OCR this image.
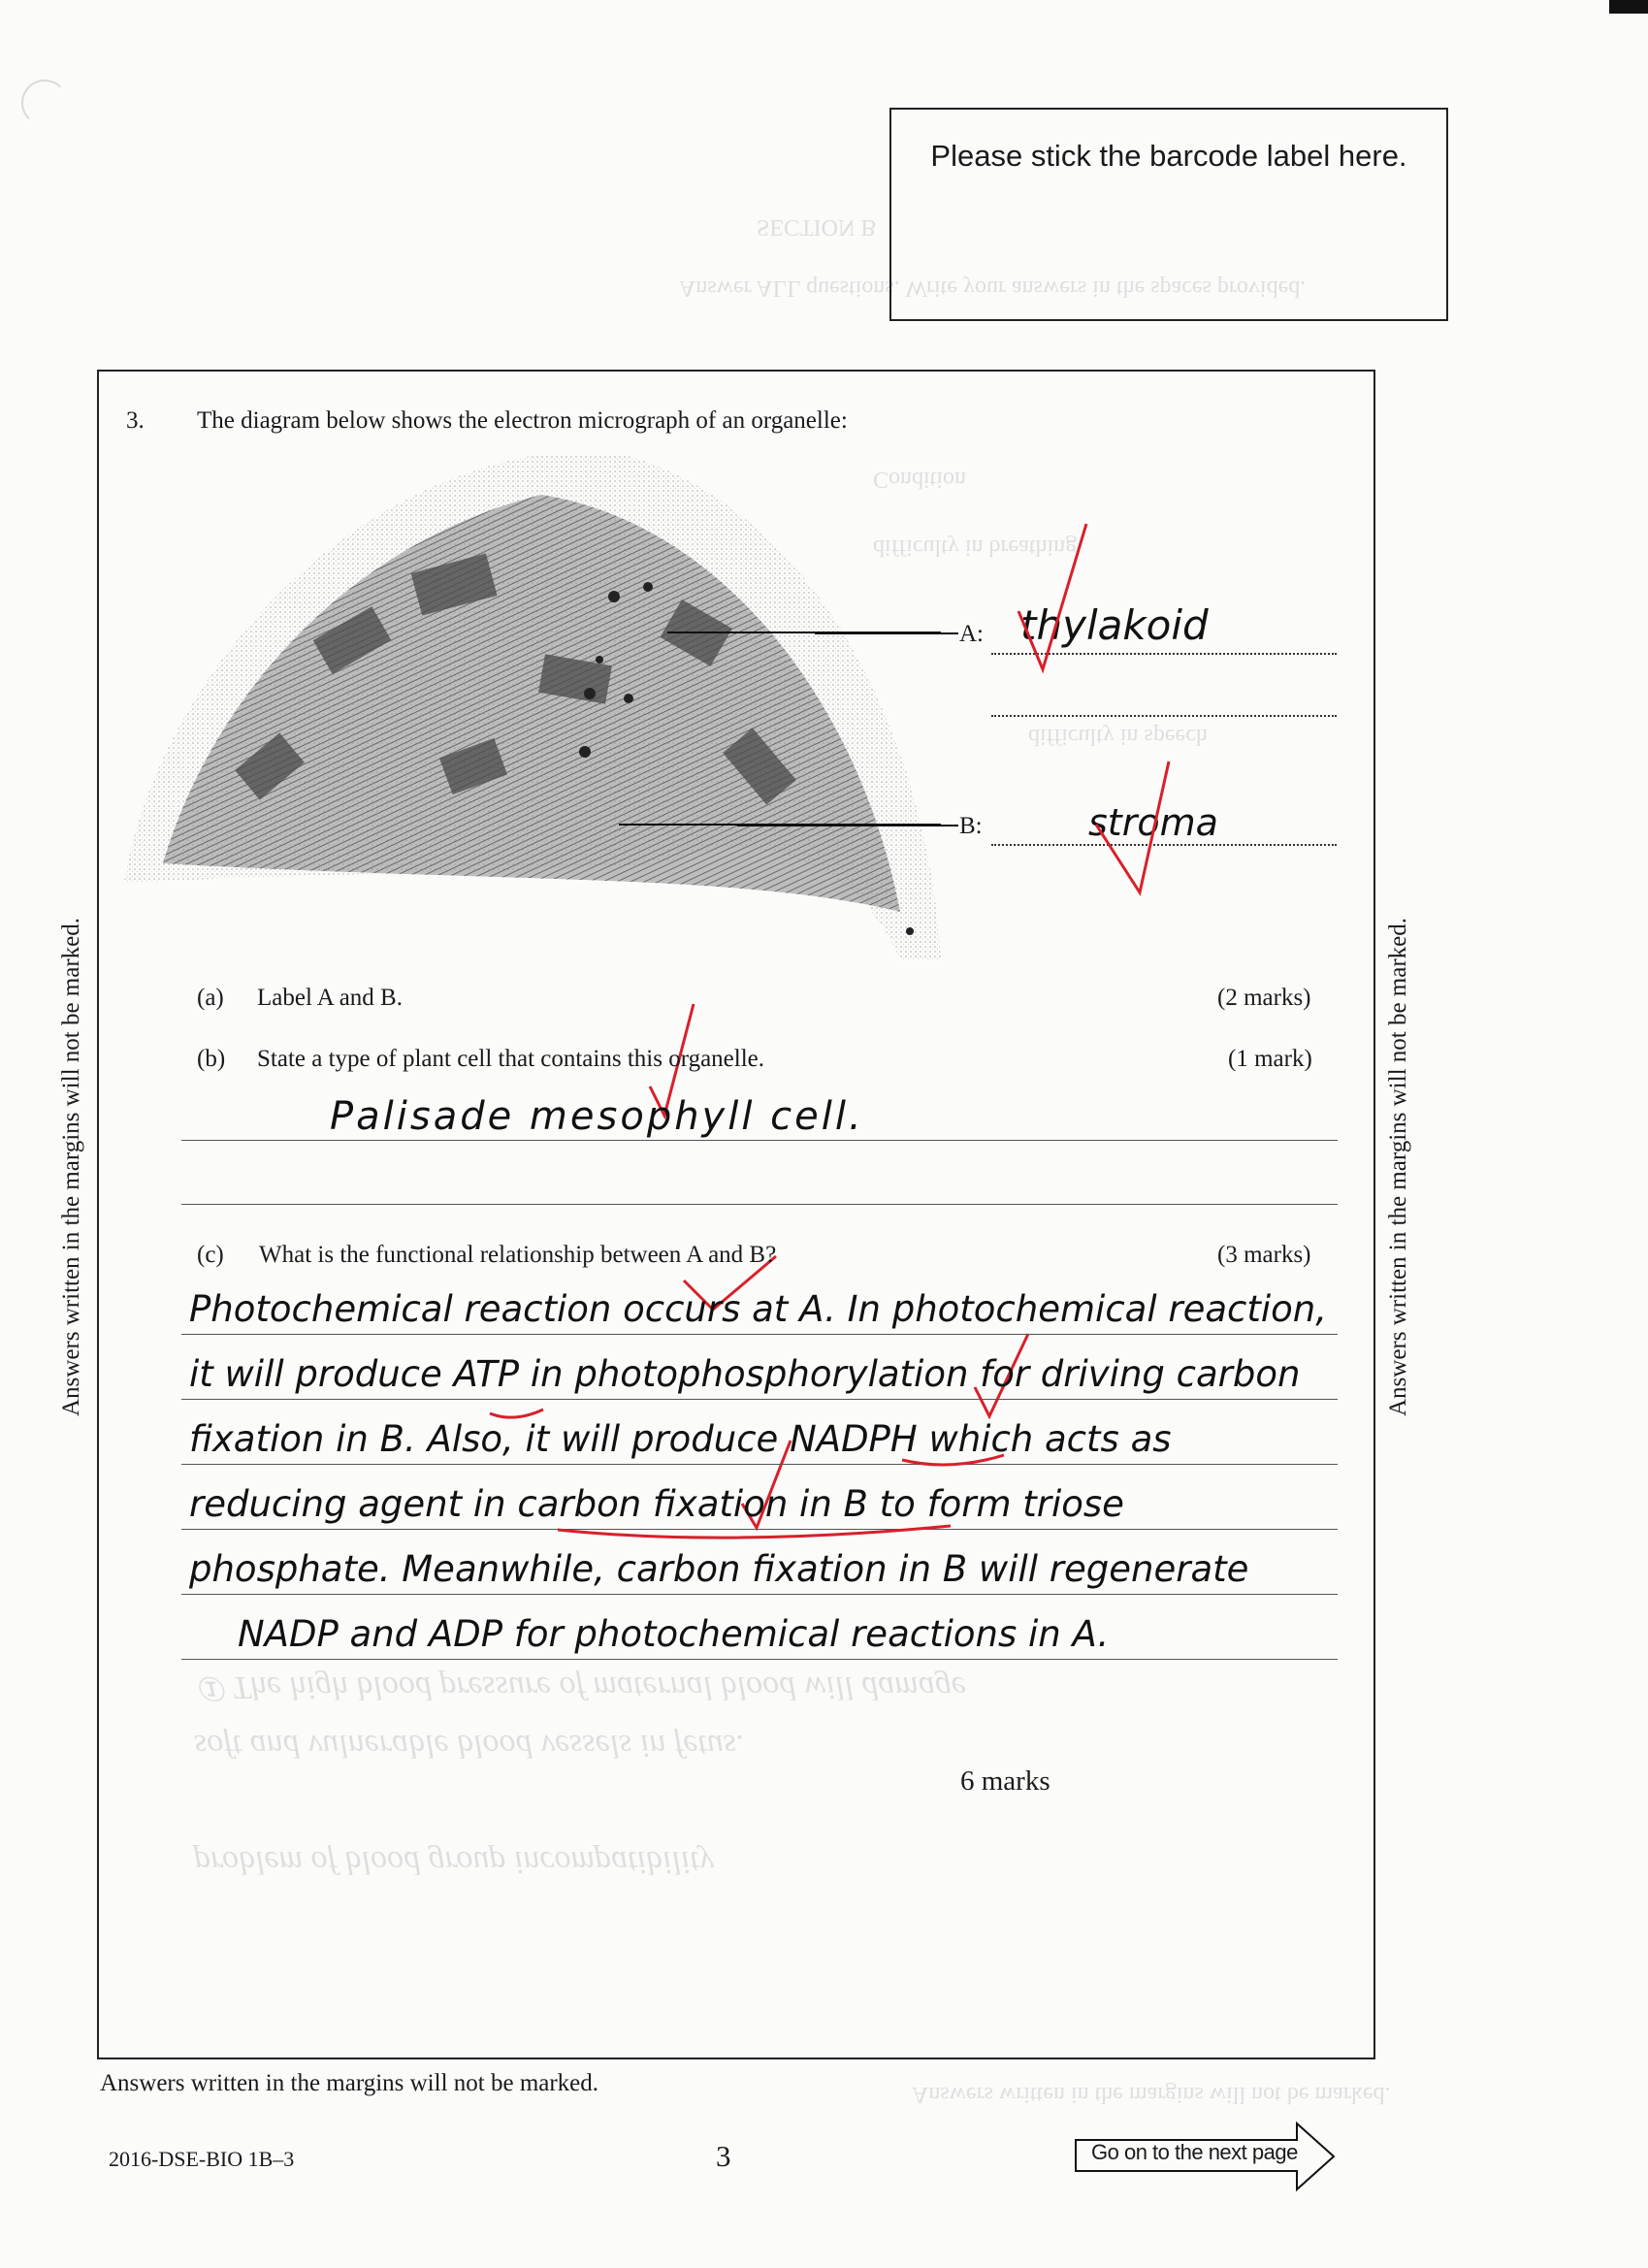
SECTION B
Answer ALL questions. Write your answers in the spaces provided.
Condition
difficulty in breathing
difficulty in speech
Answers written in the margins will not be marked.
Please stick the barcode label here.
3. The diagram below shows the electron micrograph of an organelle:
A: thylakoid
B:	stroma
(a) Label A and B.	(2 marks)
(b) State a type of plant cell that contains this organelle.	(1 mark)
Palisade mesophyll cell.
(c) What is the functional relationship between A and B?	(3 marks)
Photochemical reaction occurs at A. In photochemical reaction,
it will produce ATP in photophosphorylation for driving carbon
fixation in B. Also, it will produce NADPH which acts as
reducing agent in carbon fixation in B to form triose
phosphate. Meanwhile, carbon fixation in B will regenerate
NADP and ADP for photochemical reactions in A.
6 marks
① The high blood pressure of maternal blood will damage
soft and vulnerable blood vessels in fetus.
problem of blood group incompatibility
Answers written in the margins will not be marked.	Answers written in the margins will not be marked.
Answers written in the margins will not be marked.
2016-DSE-BIO 1B–3	3	Go on to the next page
